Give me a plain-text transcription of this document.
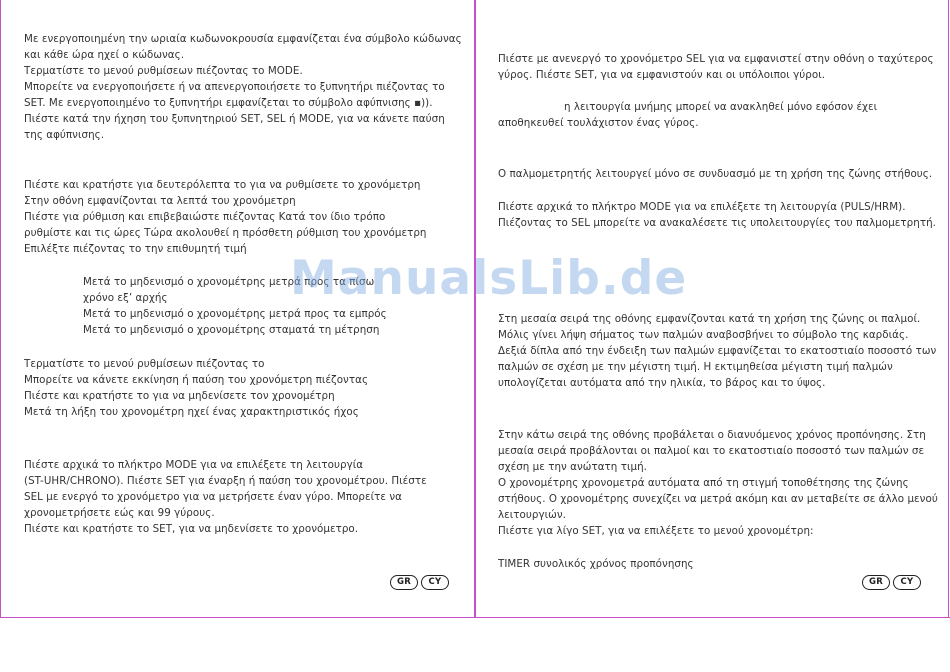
Με ενεργοποιημένη την ωριαία κωδωνοκρουσία εμφανίζεται ένα σύμβολο κώδωνας
και κάθε ώρα ηχεί ο κώδωνας.
Τερματίστε το μενού ρυθμίσεων πιέζοντας το MODE.
Μπορείτε να ενεργοποιήσετε ή να απενεργοποιήσετε το ξυπνητήρι πιέζοντας το
SET. Με ενεργοποιημένο το ξυπνητήρι εμφανίζεται το σύμβολο αφύπνισης ▪)).
Πιέστε κατά την ήχηση του ξυπνητηριού SET, SEL ή MODE, για να κάνετε παύση
της αφύπνισης.
Πιέστε και κρατήστε για δευτερόλεπτα το για να ρυθμίσετε το χρονόμετρη
Στην οθόνη εμφανίζονται τα λεπτά του χρονόμετρη
Πιέστε για ρύθμιση και επιβεβαιώστε πιέζοντας Κατά τον ίδιο τρόπο
ρυθμίστε και τις ώρες Τώρα ακολουθεί η πρόσθετη ρύθμιση του χρονόμετρη
Επιλέξτε πιέζοντας το την επιθυμητή τιμή
Μετά το μηδενισμό ο χρονομέτρης μετρά προς τα πίσω
χρόνο εξ’ αρχής
Μετά το μηδενισμό ο χρονομέτρης μετρά προς τα εμπρός
Μετά το μηδενισμό ο χρονομέτρης σταματά τη μέτρηση
Τερματίστε το μενού ρυθμίσεων πιέζοντας το
Μπορείτε να κάνετε εκκίνηση ή παύση του χρονόμετρη πιέζοντας
Πιέστε και κρατήστε το για να μηδενίσετε τον χρονομέτρη
Μετά τη λήξη του χρονομέτρη ηχεί ένας χαρακτηριστικός ήχος
Πιέστε αρχικά το πλήκτρο MODE για να επιλέξετε τη λειτουργία
(ST-UHR/CHRONO). Πιέστε SET για έναρξη ή παύση του χρονομέτρου. Πιέστε
SEL με ενεργό το χρονόμετρο για να μετρήσετε έναν γύρο. Μπορείτε να
χρονομετρήσετε εώς και 99 γύρους.
Πιέστε και κρατήστε το SET, για να μηδενίσετε το χρονόμετρο.
GR	CY
Πιέστε με ανενεργό το χρονόμετρο SEL για να εμφανιστεί στην οθόνη ο ταχύτερος
γύρος. Πιέστε SET, για να εμφανιστούν και οι υπόλοιποι γύροι.
η λειτουργία μνήμης μπορεί να ανακληθεί μόνο εφόσον έχει
αποθηκευθεί τουλάχιστον ένας γύρος.
Ο παλμομετρητής λειτουργεί μόνο σε συνδυασμό με τη χρήση της ζώνης στήθους.
Πιέστε αρχικά το πλήκτρο MODE για να επιλέξετε τη λειτουργία (PULS/HRM).
Πιέζοντας το SEL μπορείτε να ανακαλέσετε τις υπολειτουργίες του παλμομετρητή.
Στη μεσαία σειρά της οθόνης εμφανίζονται κατά τη χρήση της ζώνης οι παλμοί.
Μόλις γίνει λήψη σήματος των παλμών αναβοσβήνει το σύμβολο της καρδιάς.
Δεξιά δίπλα από την ένδειξη των παλμών εμφανίζεται το εκατοστιαίο ποσοστό των
παλμών σε σχέση με την μέγιστη τιμή. Η εκτιμηθείσα μέγιστη τιμή παλμών
υπολογίζεται αυτόματα από την ηλικία, το βάρος και το ύψος.
Στην κάτω σειρά της οθόνης προβάλεται ο διανυόμενος χρόνος προπόνησης. Στη
μεσαία σειρά προβάλονται οι παλμοί και το εκατοστιαίο ποσοστό των παλμών σε
σχέση με την ανώτατη τιμή.
Ο χρονομέτρης χρονομετρά αυτόματα από τη στιγμή τοποθέτησης της ζώνης
στήθους. Ο χρονομέτρης συνεχίζει να μετρά ακόμη και αν μεταβείτε σε άλλο μενού
λειτουργιών.
Πιέστε για λίγο SET, για να επιλέξετε το μενού χρονομέτρη:
TIMER συνολικός χρόνος προπόνησης
GR	CY
ManualsLib.de
